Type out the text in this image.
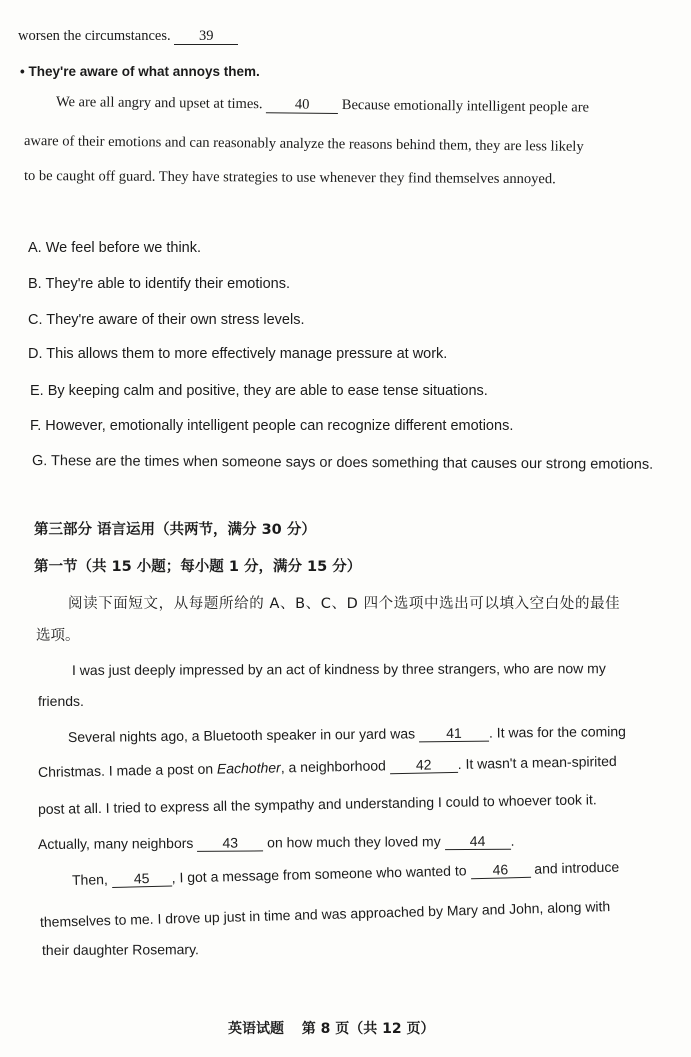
worsen the circumstances. 39
• They're aware of what annoys them.
We are all angry and upset at times. 40 Because emotionally intelligent people are
aware of their emotions and can reasonably analyze the reasons behind them, they are less likely
to be caught off guard. They have strategies to use whenever they find themselves annoyed.
A. We feel before we think.
B. They're able to identify their emotions.
C. They're aware of their own stress levels.
D. This allows them to more effectively manage pressure at work.
E. By keeping calm and positive, they are able to ease tense situations.
F. However, emotionally intelligent people can recognize different emotions.
G. These are the times when someone says or does something that causes our strong emotions.
第三部分 语言运用（共两节，满分 30 分）
第一节（共 15 小题；每小题 1 分，满分 15 分）
阅读下面短文，从每题所给的 A、B、C、D 四个选项中选出可以填入空白处的最佳
选项。
I was just deeply impressed by an act of kindness by three strangers, who are now my
friends.
Several nights ago, a Bluetooth speaker in our yard was 41 . It was for the coming
Christmas. I made a post on Eachother, a neighborhood 42 . It wasn't a mean-spirited
post at all. I tried to express all the sympathy and understanding I could to whoever took it.
Actually, many neighbors 43 on how much they loved my 44 .
Then, 45 , I got a message from someone who wanted to 46 and introduce
themselves to me. I drove up just in time and was approached by Mary and John, along with
their daughter Rosemary.
英语试题 第 8 页（共 12 页）
